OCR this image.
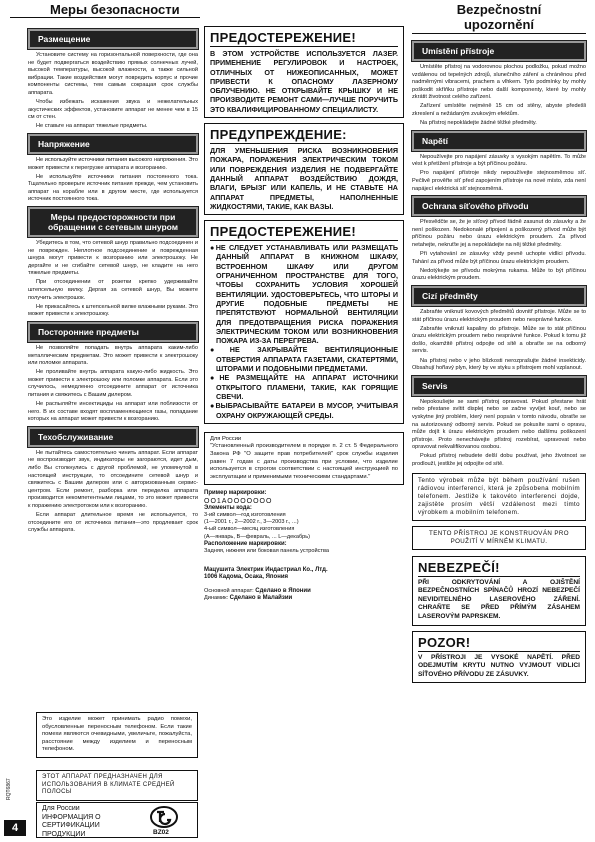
Меры безопасности	Bezpečnostní
upozornění
Размещение

Установите систему на горизонтальной поверхности, где она не будет подвергаться воздействию прямых солнечных лучей, высокой температуры, высокой влажности, а также сильной вибрации. Такие воздействия могут повредить корпус и прочие компоненты системы, тем самым сокращая срок службы аппарата.

Чтобы избежать искажения звука и нежелательных акустических эффектов, установите аппарат не менее чем в 15 см от стен.

Не ставьте на аппарат тяжелые предметы.

Напряжение

Не используйте источники питания высокого напряжения. Это может привести к перегрузке аппарата и возгоранию.

Не используйте источники питания постоянного тока. Тщательно проверьте источник питания прежде, чем установить аппарат на корабле или в другом месте, где используется источник постоянного тока.

Меры предосторожности при обращении с сетевым шнуром

Убедитесь в том, что сетевой шнур правильно подсоединен и не поврежден. Неплотное подсоединение и поврежденная шнура могут привести к возгоранию или электрошоку. Не дергайте и не сгибайте сетевой шнур, не кладите на него тяжелые предметы.

При отсоединении от розетки крепко удерживайте штепсельную вилку. Дергая за сетевой шнур, Вы можете получить электрошок.

Не прикасайтесь к штепсельной вилке влажными руками. Это может привести к электрошоку.

Посторонние предметы

Не позволяйте попадать внутрь аппарата каким-либо металлическим предметам. Это может привести к электрошоку или поломке аппарата.

Не проливайте внутрь аппарата какую-либо жидкость. Это может привести к электрошоку или поломке аппарата. Если это случилось, немедленно отсоедините аппарат от источника питания и свяжитесь с Вашим дилером.

Не распыляйте инсектициды на аппарат или поблизости от него. В их составе входят воспламеняющиеся газы, попадание которых на аппарат может привести к возгоранию.

Техобслуживание

Не пытайтесь самостоятельно чинить аппарат. Если аппарат не воспроизводит звук, индикаторы не загораются, идет дым, либо Вы столкнулись с другой проблемой, не упомянутой в настоящей инструкции, то отсоедините сетевой шнур и свяжитесь с Вашим дилером или с авторизованным сервис-центром. Если ремонт, разборка или переделка аппарата производится некомпетентными лицами, то это может привести к поражению электротоком или к возгоранию.

Если аппарат длительное время не используется, то отсоедините его от источника питания—это продлевает срок службы аппарата.

Это изделие может принимать радио помехи, обусловленные переносным телефоном. Если такие помехи являются очевидными, увеличьте, пожалуйста, расстояние между изделием и переносным телефоном.
ЭТОТ АППАРАТ ПРЕДНАЗНАЧЕН ДЛЯ ИСПОЛЬЗОВАНИЯ В КЛИМАТЕ СРЕДНЕЙ ПОЛОСЫ
Для России
ИНФОРМАЦИЯ О
СЕРТИФИКАЦИИ
ПРОДУКЦИИ	BZ02
4
RQT6867
ПРЕДОСТЕРЕЖЕНИЕ!
В ЭТОМ УСТРОЙСТВЕ ИСПОЛЬЗУЕТСЯ ЛАЗЕР. ПРИМЕНЕНИЕ РЕГУЛИРОВОК И НАСТРОЕК, ОТЛИЧНЫХ ОТ НИЖЕОПИСАННЫХ, МОЖЕТ ПРИВЕСТИ К ОПАСНОМУ ЛАЗЕРНОМУ ОБЛУЧЕНИЮ. НЕ ОТКРЫВАЙТЕ КРЫШКУ И НЕ ПРОИЗВОДИТЕ РЕМОНТ САМИ—ЛУЧШЕ ПОРУЧИТЬ ЭТО КВАЛИФИЦИРОВАННОМУ СПЕЦИАЛИСТУ.
ПРЕДУПРЕЖДЕНИЕ:
ДЛЯ УМЕНЬШЕНИЯ РИСКА ВОЗНИКНОВЕНИЯ ПОЖАРА, ПОРАЖЕНИЯ ЭЛЕКТРИЧЕСКИМ ТОКОМ ИЛИ ПОВРЕЖДЕНИЯ ИЗДЕЛИЯ НЕ ПОДВЕРГАЙТЕ ДАННЫЙ АППАРАТ ВОЗДЕЙСТВИЮ ДОЖДЯ, ВЛАГИ, БРЫЗГ ИЛИ КАПЕЛЬ, И НЕ СТАВЬТЕ НА АППАРАТ ПРЕДМЕТЫ, НАПОЛНЕННЫЕ ЖИДКОСТЯМИ, ТАКИЕ, КАК ВАЗЫ.
ПРЕДОСТЕРЕЖЕНИЕ!
●НЕ СЛЕДУЕТ УСТАНАВЛИВАТЬ ИЛИ РАЗМЕЩАТЬ ДАННЫЙ АППАРАТ В КНИЖНОМ ШКАФУ, ВСТРОЕННОМ ШКАФУ ИЛИ ДРУГОМ ОГРАНИЧЕННОМ ПРОСТРАНСТВЕ ДЛЯ ТОГО, ЧТОБЫ СОХРАНИТЬ УСЛОВИЯ ХОРОШЕЙ ВЕНТИЛЯЦИИ. УДОСТОВЕРЬТЕСЬ, ЧТО ШТОРЫ И ДРУГИЕ ПОДОБНЫЕ ПРЕДМЕТЫ НЕ ПРЕПЯТСТВУЮТ НОРМАЛЬНОЙ ВЕНТИЛЯЦИИ ДЛЯ ПРЕДОТВРАЩЕНИЯ РИСКА ПОРАЖЕНИЯ ЭЛЕКТРИЧЕСКИМ ТОКОМ ИЛИ ВОЗНИКНОВЕНИЯ ПОЖАРА ИЗ-ЗА ПЕРЕГРЕВА.
●НЕ ЗАКРЫВАЙТЕ ВЕНТИЛЯЦИОННЫЕ ОТВЕРСТИЯ АППАРАТА ГАЗЕТАМИ, СКАТЕРТЯМИ, ШТОРАМИ И ПОДОБНЫМИ ПРЕДМЕТАМИ.
●НЕ РАЗМЕЩАЙТЕ НА АППАРАТ ИСТОЧНИКИ ОТКРЫТОГО ПЛАМЕНИ, ТАКИЕ, КАК ГОРЯЩИЕ СВЕЧИ.
●ВЫБРАСЫВАЙТЕ БАТАРЕИ В МУСОР, УЧИТЫВАЯ ОХРАНУ ОКРУЖАЮЩЕЙ СРЕДЫ.
Для России
"Установленный производителем в порядке п. 2 ст. 5 Федерального Закона РФ "О защите прав потребителей" срок службы изделия равен 7 годам с даты производства при условии, что изделие используется в строгом соответствии с настоящей инструкцией по эксплуатации и применимыми техническими стандартами."
Пример маркировки:
ОО1АООООООО
Элементы кода:
3-ий символ—год изготовления
(1—2001 г., 2—2002 г., 3—2003 г., ...)
4-ый символ—месяц изготовления
(А—январь, В—февраль, ... L—декабрь)
Расположение маркировки:
Задняя, нижняя или боковая панель устройства
Мацушита Электрик Индастриал Ко., Лтд.
1006 Кадома, Осака, Япония
Основной аппарат: Сделано в Японии
Динамик: Сделано в Малайзии
Umístění přístroje

Umístěte přístroj na vodorovnou plochou podložku, pokud možno vzdálenou od tepelných zdrojů, slunečního záření a chráněnou před nadměrnými vibracemi, prachem a vlhkem. Tyto podmínky by mohly poškodit skříňku přístroje nebo další komponenty, které by mohly zkrátit životnost celého zařízení.

Zařízení umístěte nejméně 15 cm od stěny, abyste předešli zkreslení a nežádaným zvukovým efektům.

Na přístroj nepokládejte žádné těžké předměty.

Napětí

Nepoužívejte pro napájení zásuvky s vysokým napětím. To může vést k přetížení přístroje a být příčinou požáru.

Pro napájení přístroje nikdy nepoužívejte stejnosměrnou síť. Pečlivě prověřte síť před zapojením přístroje na nové místo, zda není napájecí elektrická síť stejnosměrná.

Ochrana síťového přívodu

Přesvědčte se, že je síťový přívod řádně zasunut do zásuvky a že není poškozen. Nedokonalé připojení a poškozený přívod může být příčinou požáru nebo úrazu elektrickým proudem. Za přívod netahejte, nekruťte jej a nepokládejte na něj těžké předměty.

Při vytahování ze zásuvky vždy pevně uchopte vidlici přívodu. Tahání za přívod může být příčinou úrazu elektrickým proudem.

Nedotýkejte se přívodu mokrýma rukama. Může to být příčinou úrazu elektrickým proudem.

Cizí předměty

Zabraňte vniknutí kovových předmětů dovnitř přístroje. Může se to stát příčinou úrazu elektrickým proudem nebo nesprávné funkce.

Zabraňte vniknutí kapaliny do přístroje. Může se to stát příčinou úrazu elektrickým proudem nebo nesprávné funkce. Pokud k tomu již došlo, okamžitě přístroj odpojte od sítě a obraťte se na odborný servis.

Na přístroj nebo v jeho blízkosti nerozprašujte žádné insekticidy. Obsahují hořlavý plyn, který by ve styku s přístrojem mohl vzplanout.

Servis

Nepokoušejte se sami přístroj opravovat. Pokud přestane hrát nebo přestane svítit displej nebo se začne vyvíjet kouř, nebo se vyskytne jiný problém, který není popsán v tomto návodu, obraťte se na autorizovaný odborný servis. Pokud se pokusíte sami o opravu, může dojít k úrazu elektrickým proudem nebo dalšímu poškození přístroje. Proto nenechávejte přístroj rozebírat, upravovat nebo opravovat nekvalifikovanou osobou.

Pokud přístroj nebudete delší dobu používat, jeho životnost se prodlouží, jestliže jej odpojíte od sítě.

Tento výrobek může být během používání rušen rádiovou interferencí, která je způsobena mobilním telefonem. Jestliže k takovéto interferenci dojde, zajistěte prosím větší vzdálenost mezi tímto výrobkem a mobilním telefonem.
TENTO PŘÍSTROJ JE KONSTRUOVÁN PRO POUŽITÍ V MÍRNÉM KLIMATU.
NEBEZPEČÍ!
PŘI ODKRYTOVÁNÍ A OJIŠTĚNÍ BEZPEČNOSTNÍCH SPÍNAČŮ HROZÍ NEBEZPEČÍ NEVIDITELNÉHO LASEROVÉHO ZÁŘENÍ. CHRAŇTE SE PŘED PŘÍMÝM ZÁSAHEM LASEROVÝM PAPRSKEM.
POZOR!
V PŘÍSTROJI JE VYSOKÉ NAPĚTÍ. PŘED ODEJMUTÍM KRYTU NUTNO VYJMOUT VIDLICI SÍŤOVÉHO PŘÍVODU ZE ZÁSUVKY.
